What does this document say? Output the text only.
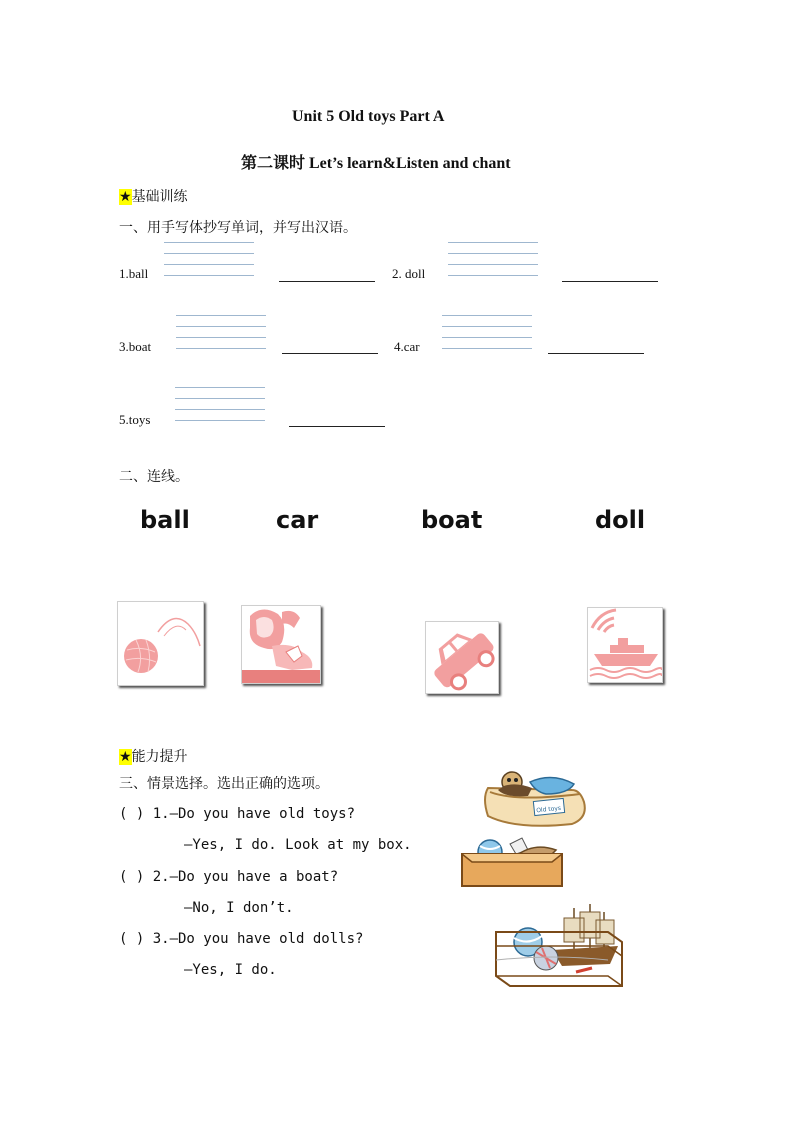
Unit 5 Old toys Part A
第二课时 Let’s learn&Listen and chant
★基础训练
一、用手写体抄写单词，并写出汉语。
1.ball	2. doll
3.boat	4.car
5.toys
二、连线。
ball	car	boat	doll
★能力提升
三、情景选择。选出正确的选项。
( ) 1.—Do you have old toys?
—Yes, I do. Look at my box.
( ) 2.—Do you have a boat?
—No, I don’t.
( ) 3.—Do you have old dolls?
—Yes, I do.
Old toys
